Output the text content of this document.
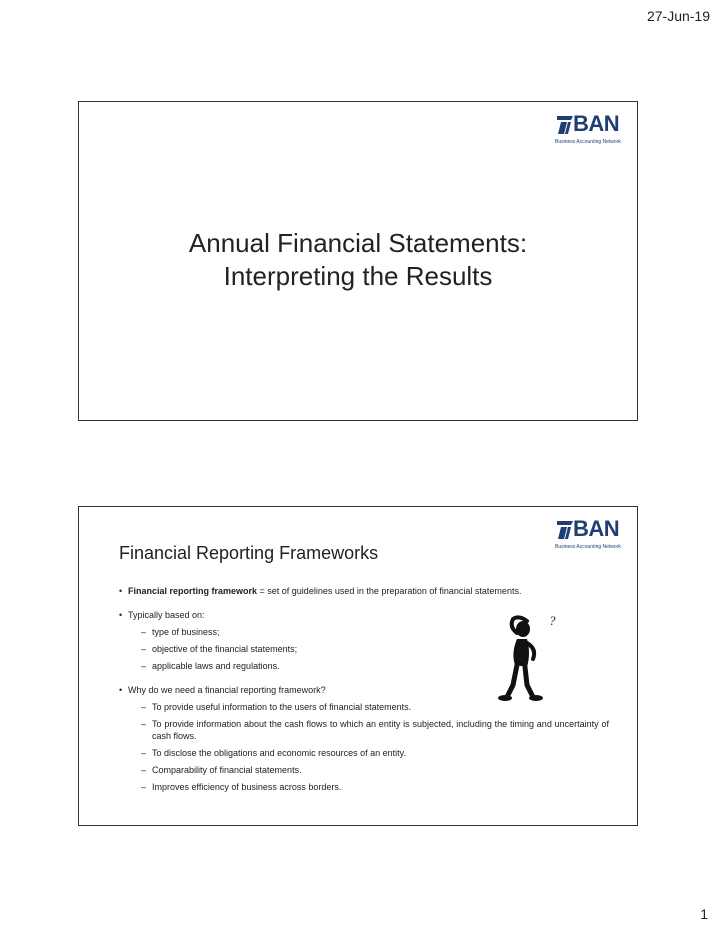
27-Jun-19
BAN
Business Accounting Network
Annual Financial Statements:
Interpreting the Results
BAN
Business Accounting Network
Financial Reporting Frameworks
• Financial reporting framework = set of guidelines used in the preparation of financial statements.
• Typically based on:
– type of business;
– objective of the financial statements;
– applicable laws and regulations.
• Why do we need a financial reporting framework?
– To provide useful information to the users of financial statements.
– To provide information about the cash flows to which an entity is subjected, including the timing and uncertainty of cash flows.
– To disclose the obligations and economic resources of an entity.
– Comparability of financial statements.
– Improves efficiency of business across borders.
?
1
